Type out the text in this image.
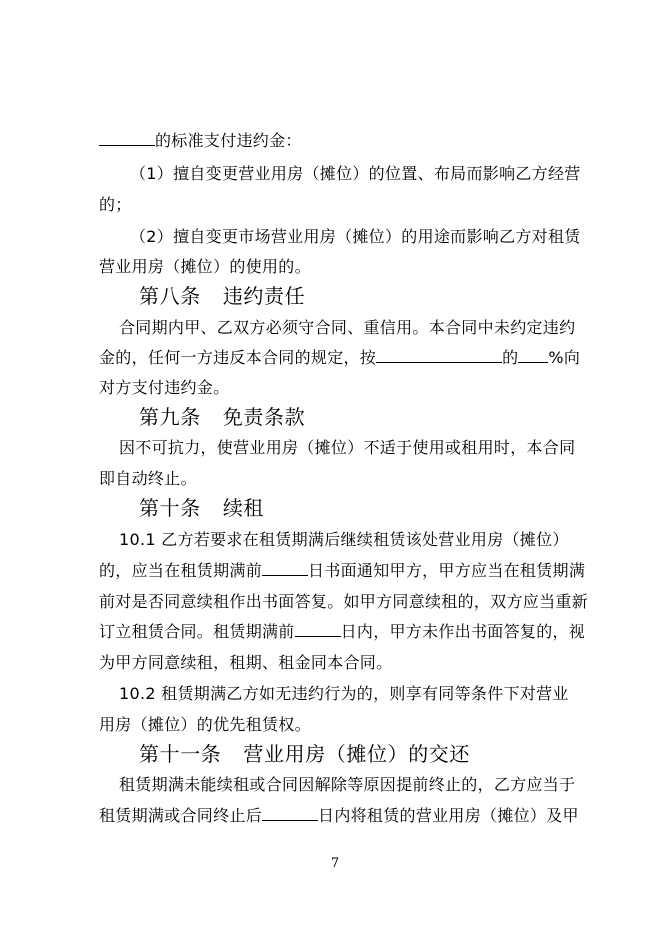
的标准支付违约金：
（1）擅自变更营业用房（摊位）的位置、布局而影响乙方经营
的；
（2）擅自变更市场营业用房（摊位）的用途而影响乙方对租赁
营业用房（摊位）的使用的。
第八条 违约责任
合同期内甲、乙双方必须守合同、重信用。本合同中未约定违约
金的，任何一方违反本合同的规定，按	的 %向
对方支付违约金。
第九条 免责条款
因不可抗力，使营业用房（摊位）不适于使用或租用时，本合同
即自动终止。
第十条 续租
10.1 乙方若要求在租赁期满后继续租赁该处营业用房（摊位）
的，应当在租赁期满前	日书面通知甲方，甲方应当在租赁期满
前对是否同意续租作出书面答复。如甲方同意续租的，双方应当重新
订立租赁合同。租赁期满前	日内，甲方未作出书面答复的，视
为甲方同意续租，租期、租金同本合同。
10.2 租赁期满乙方如无违约行为的，则享有同等条件下对营业
用房（摊位）的优先租赁权。
第十一条 营业用房（摊位）的交还
租赁期满未能续租或合同因解除等原因提前终止的，乙方应当于
租赁期满或合同终止后	日内将租赁的营业用房（摊位）及甲
7
